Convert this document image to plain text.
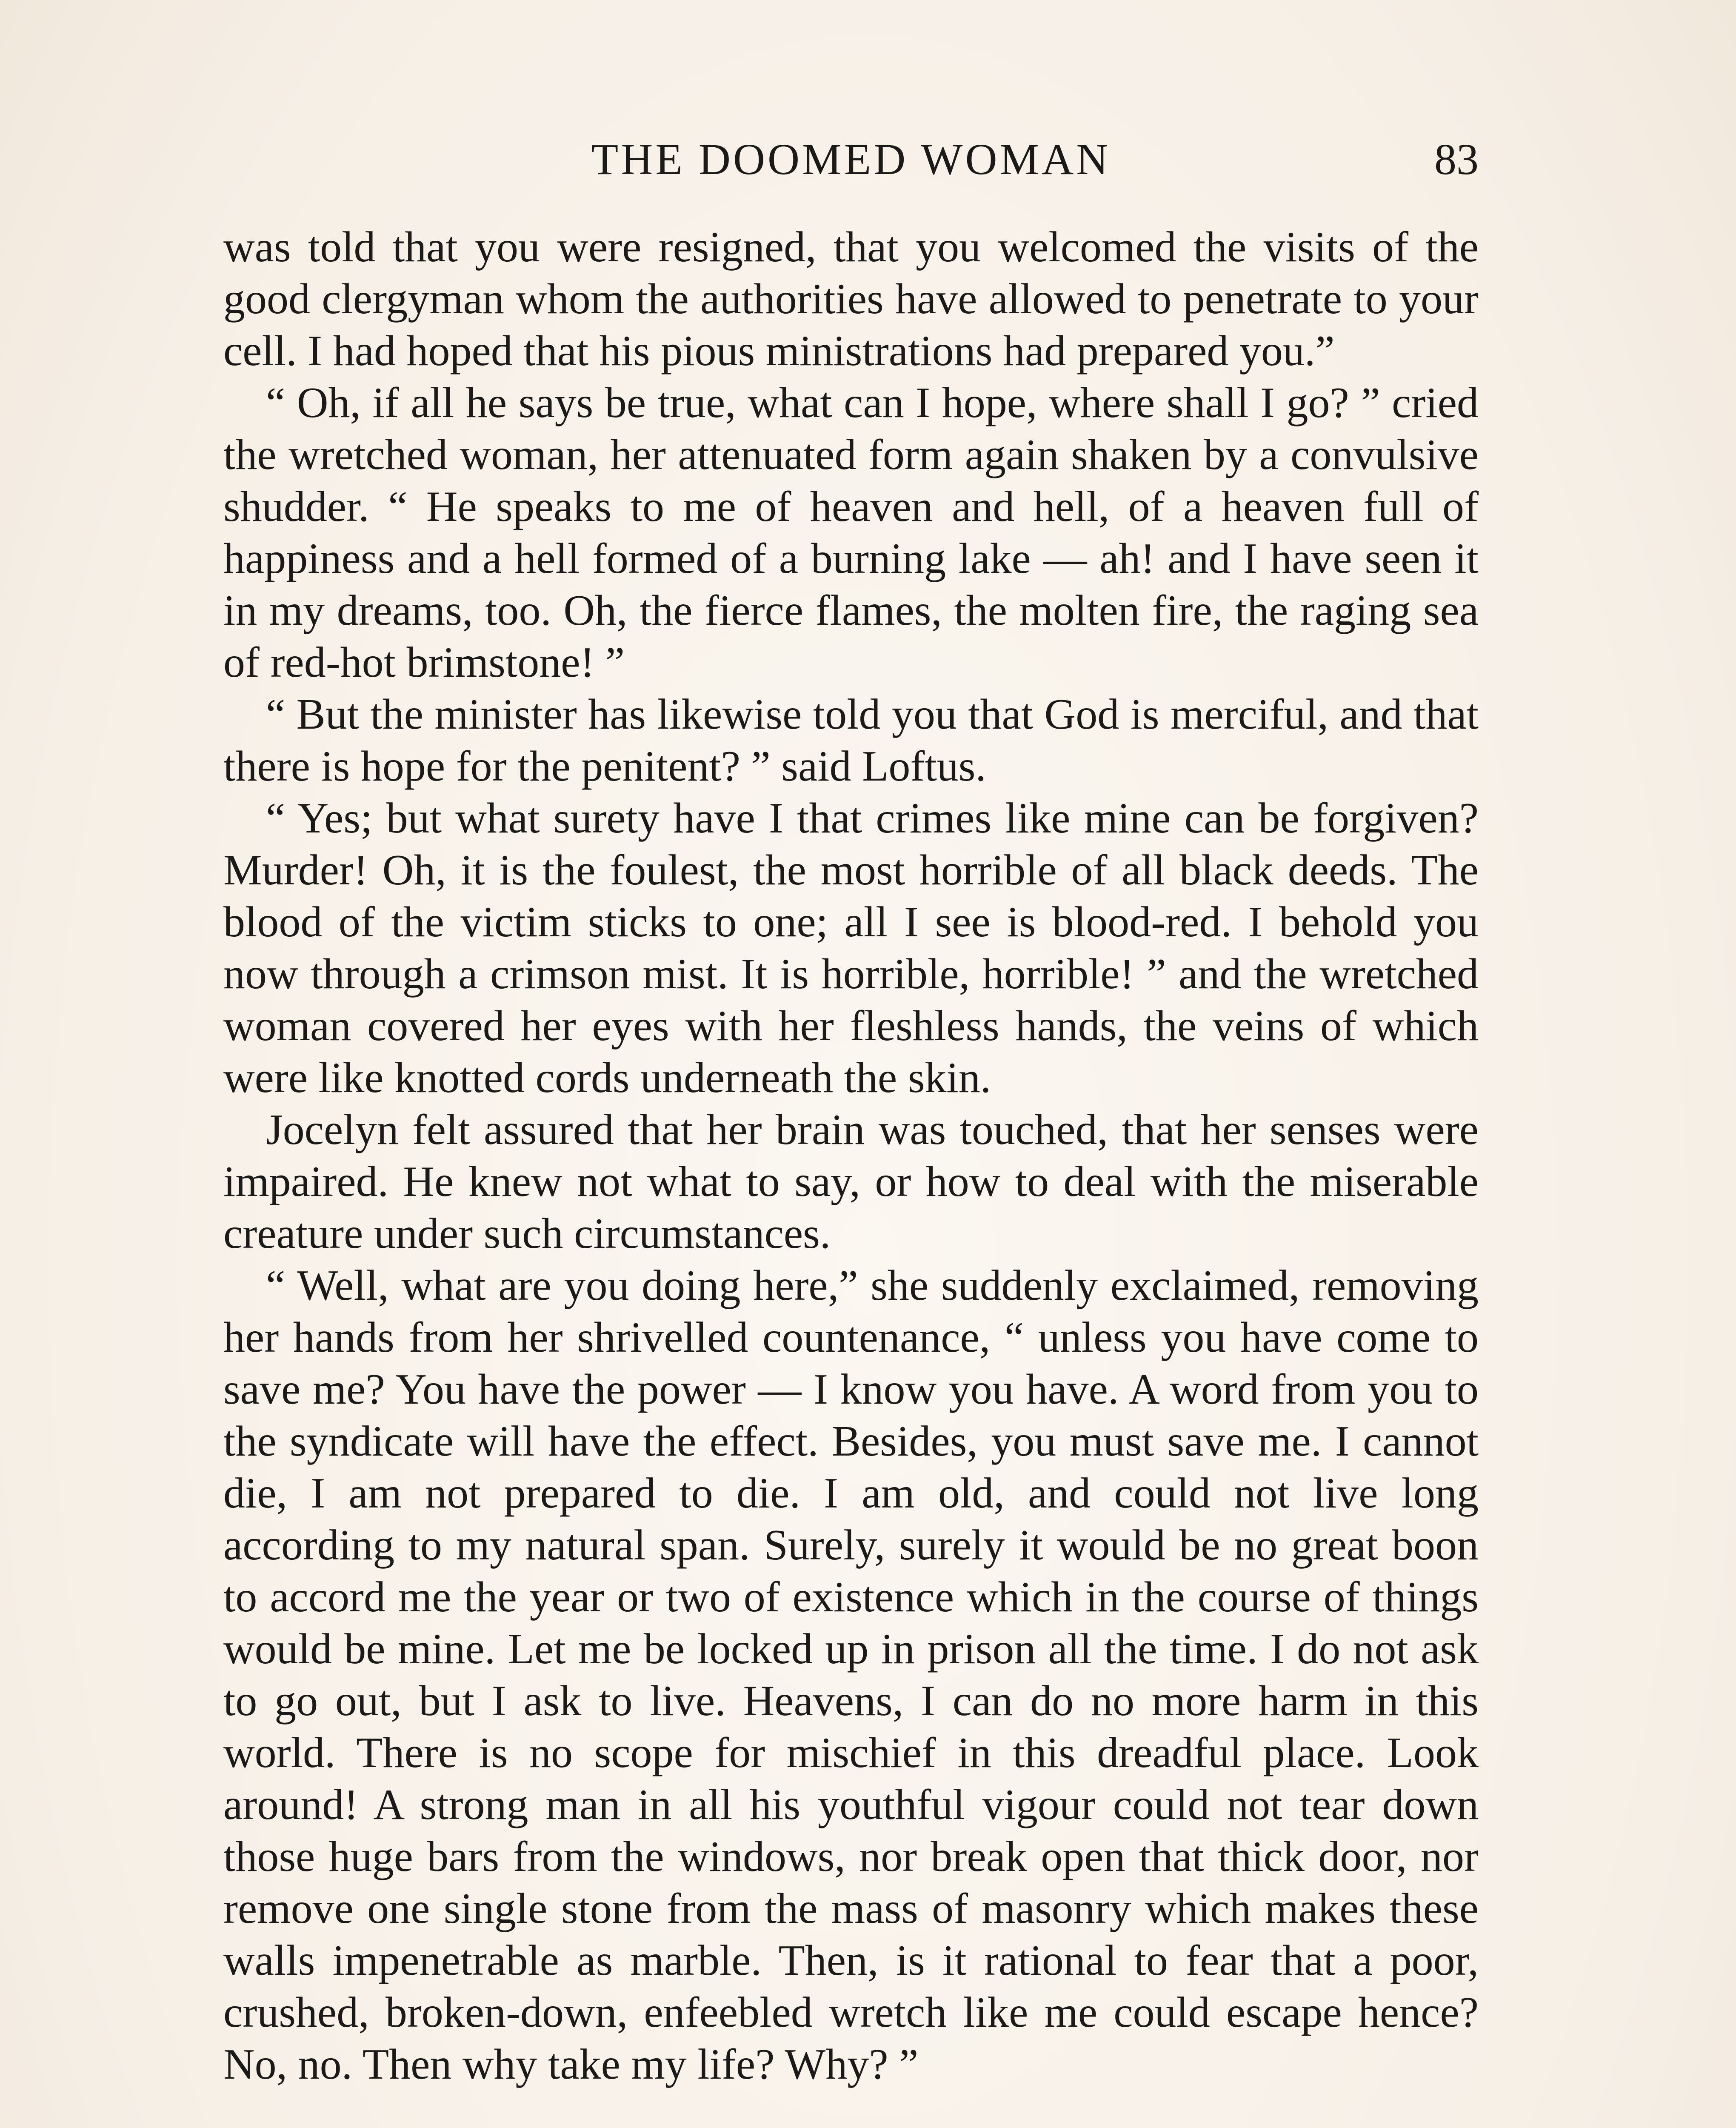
THE DOOMED WOMAN	83

was told that you were resigned, that you welcomed the visits of the good clergyman whom the authorities have allowed to penetrate to your cell. I had hoped that his pious ministrations had prepared you.”

“ Oh, if all he says be true, what can I hope, where shall I go? ” cried the wretched woman, her attenuated form again shaken by a convulsive shudder. “ He speaks to me of heaven and hell, of a heaven full of happiness and a hell formed of a burning lake — ah! and I have seen it in my dreams, too. Oh, the fierce flames, the molten fire, the raging sea of red-hot brimstone! ”

“ But the minister has likewise told you that God is merciful, and that there is hope for the penitent? ” said Loftus.

“ Yes; but what surety have I that crimes like mine can be forgiven? Murder! Oh, it is the foulest, the most horrible of all black deeds. The blood of the victim sticks to one; all I see is blood-red. I behold you now through a crimson mist. It is horrible, horrible! ” and the wretched woman covered her eyes with her fleshless hands, the veins of which were like knotted cords underneath the skin.

Jocelyn felt assured that her brain was touched, that her senses were impaired. He knew not what to say, or how to deal with the miserable creature under such circumstances.

“ Well, what are you doing here,” she suddenly exclaimed, removing her hands from her shrivelled countenance, “ unless you have come to save me? You have the power — I know you have. A word from you to the syndicate will have the effect. Besides, you must save me. I cannot die, I am not prepared to die. I am old, and could not live long according to my natural span. Surely, surely it would be no great boon to accord me the year or two of existence which in the course of things would be mine. Let me be locked up in prison all the time. I do not ask to go out, but I ask to live. Heavens, I can do no more harm in this world. There is no scope for mischief in this dreadful place. Look around! A strong man in all his youthful vigour could not tear down those huge bars from the windows, nor break open that thick door, nor remove one single stone from the mass of masonry which makes these walls impenetrable as marble. Then, is it rational to fear that a poor, crushed, broken-down, enfeebled wretch like me could escape hence? No, no. Then why take my life? Why? ”
